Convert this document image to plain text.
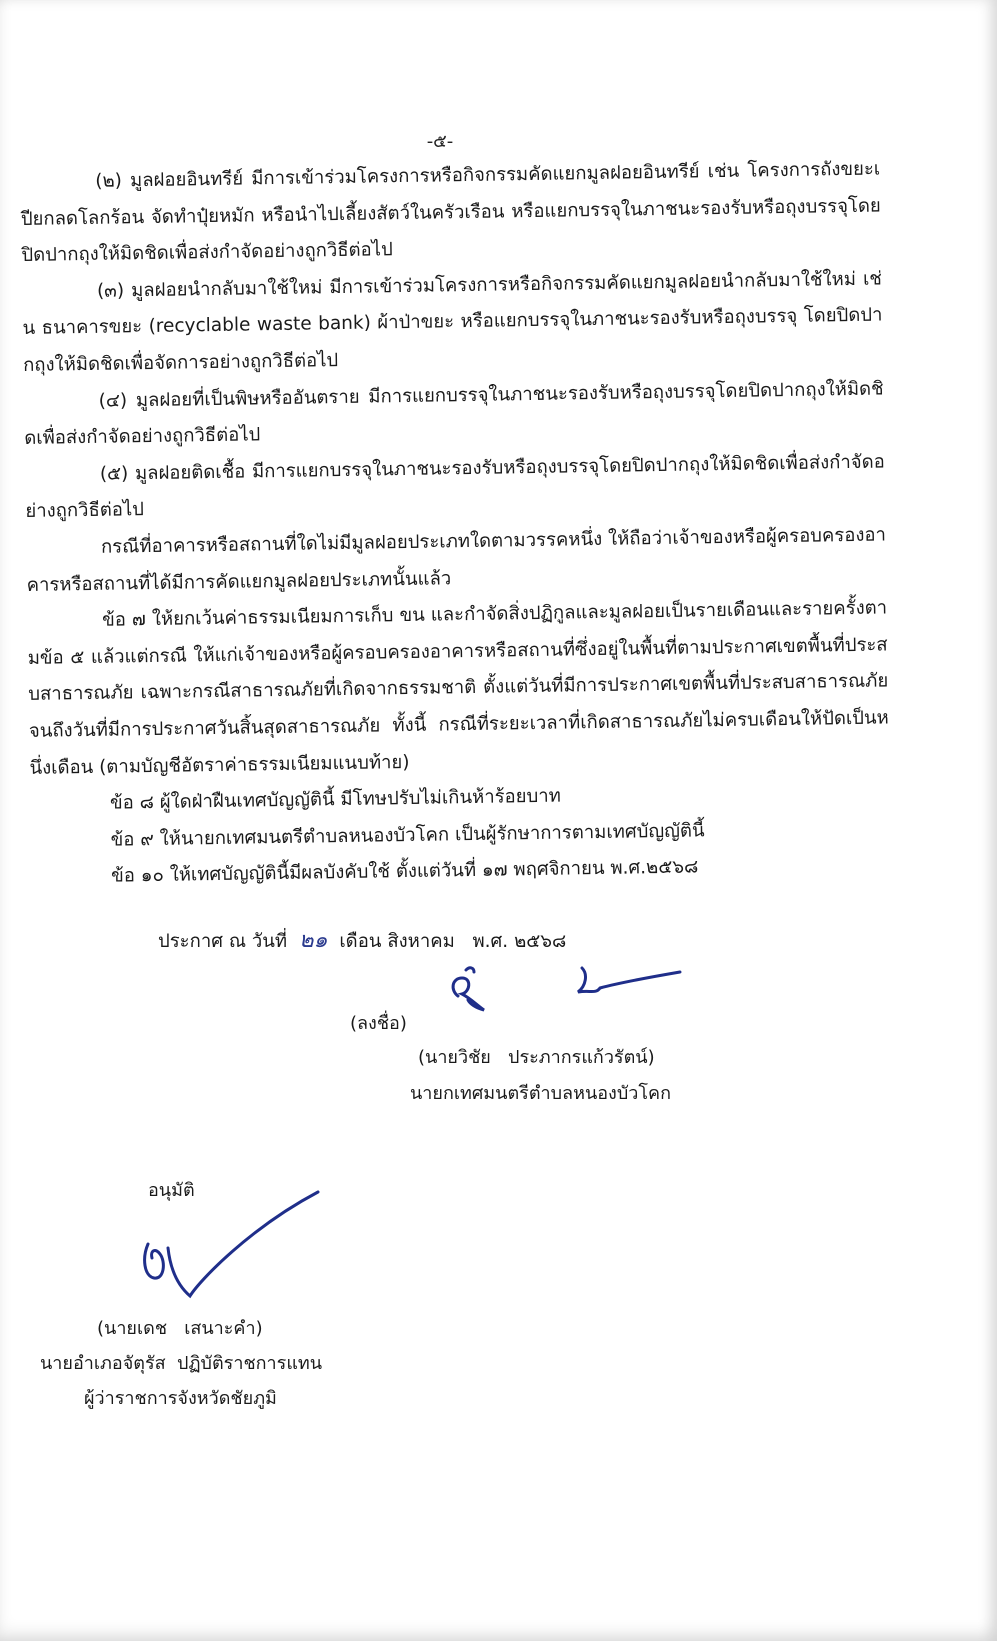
-๕-

(๒) มูลฝอยอินทรีย์ มีการเข้าร่วมโครงการหรือกิจกรรมคัดแยกมูลฝอยอินทรีย์ เช่น โครงการถังขยะเปียกลดโลกร้อน จัดทำปุ๋ยหมัก หรือนำไปเลี้ยงสัตว์ในครัวเรือน หรือแยกบรรจุในภาชนะรองรับหรือถุงบรรจุโดยปิดปากถุงให้มิดชิดเพื่อส่งกำจัดอย่างถูกวิธีต่อไป

(๓) มูลฝอยนำกลับมาใช้ใหม่ มีการเข้าร่วมโครงการหรือกิจกรรมคัดแยกมูลฝอยนำกลับมาใช้ใหม่ เช่น ธนาคารขยะ (recyclable waste bank) ผ้าป่าขยะ หรือแยกบรรจุในภาชนะรองรับหรือถุงบรรจุ โดยปิดปากถุงให้มิดชิดเพื่อจัดการอย่างถูกวิธีต่อไป

(๔) มูลฝอยที่เป็นพิษหรืออันตราย มีการแยกบรรจุในภาชนะรองรับหรือถุงบรรจุโดยปิดปากถุงให้มิดชิดเพื่อส่งกำจัดอย่างถูกวิธีต่อไป

(๕) มูลฝอยติดเชื้อ มีการแยกบรรจุในภาชนะรองรับหรือถุงบรรจุโดยปิดปากถุงให้มิดชิดเพื่อส่งกำจัดอย่างถูกวิธีต่อไป

กรณีที่อาคารหรือสถานที่ใดไม่มีมูลฝอยประเภทใดตามวรรคหนึ่ง ให้ถือว่าเจ้าของหรือผู้ครอบครองอาคารหรือสถานที่ได้มีการคัดแยกมูลฝอยประเภทนั้นแล้ว

ข้อ ๗ ให้ยกเว้นค่าธรรมเนียมการเก็บ ขน และกำจัดสิ่งปฏิกูลและมูลฝอยเป็นรายเดือนและรายครั้งตามข้อ ๕ แล้วแต่กรณี ให้แก่เจ้าของหรือผู้ครอบครองอาคารหรือสถานที่ซึ่งอยู่ในพื้นที่ตามประกาศเขตพื้นที่ประสบสาธารณภัย เฉพาะกรณีสาธารณภัยที่เกิดจากธรรมชาติ ตั้งแต่วันที่มีการประกาศเขตพื้นที่ประสบสาธารณภัยจนถึงวันที่มีการประกาศวันสิ้นสุดสาธารณภัย ทั้งนี้ กรณีที่ระยะเวลาที่เกิดสาธารณภัยไม่ครบเดือนให้ปัดเป็นหนึ่งเดือน (ตามบัญชีอัตราค่าธรรมเนียมแนบท้าย)

ข้อ ๘ ผู้ใดฝ่าฝืนเทศบัญญัตินี้ มีโทษปรับไม่เกินห้าร้อยบาท

ข้อ ๙ ให้นายกเทศมนตรีตำบลหนองบัวโคก เป็นผู้รักษาการตามเทศบัญญัตินี้

ข้อ ๑๐ ให้เทศบัญญัตินี้มีผลบังคับใช้ ตั้งแต่วันที่ ๑๗ พฤศจิกายน พ.ศ.๒๕๖๘

ประกาศ ณ วันที่ ๒๑ เดือน สิงหาคม พ.ศ. ๒๕๖๘
(ลงชื่อ)
(นายวิชัย   ประภากรแก้วรัตน์)
นายกเทศมนตรีตำบลหนองบัวโคก
อนุมัติ
(นายเดช   เสนาะคำ)
นายอำเภอจัตุรัส  ปฏิบัติราชการแทน
ผู้ว่าราชการจังหวัดชัยภูมิ
